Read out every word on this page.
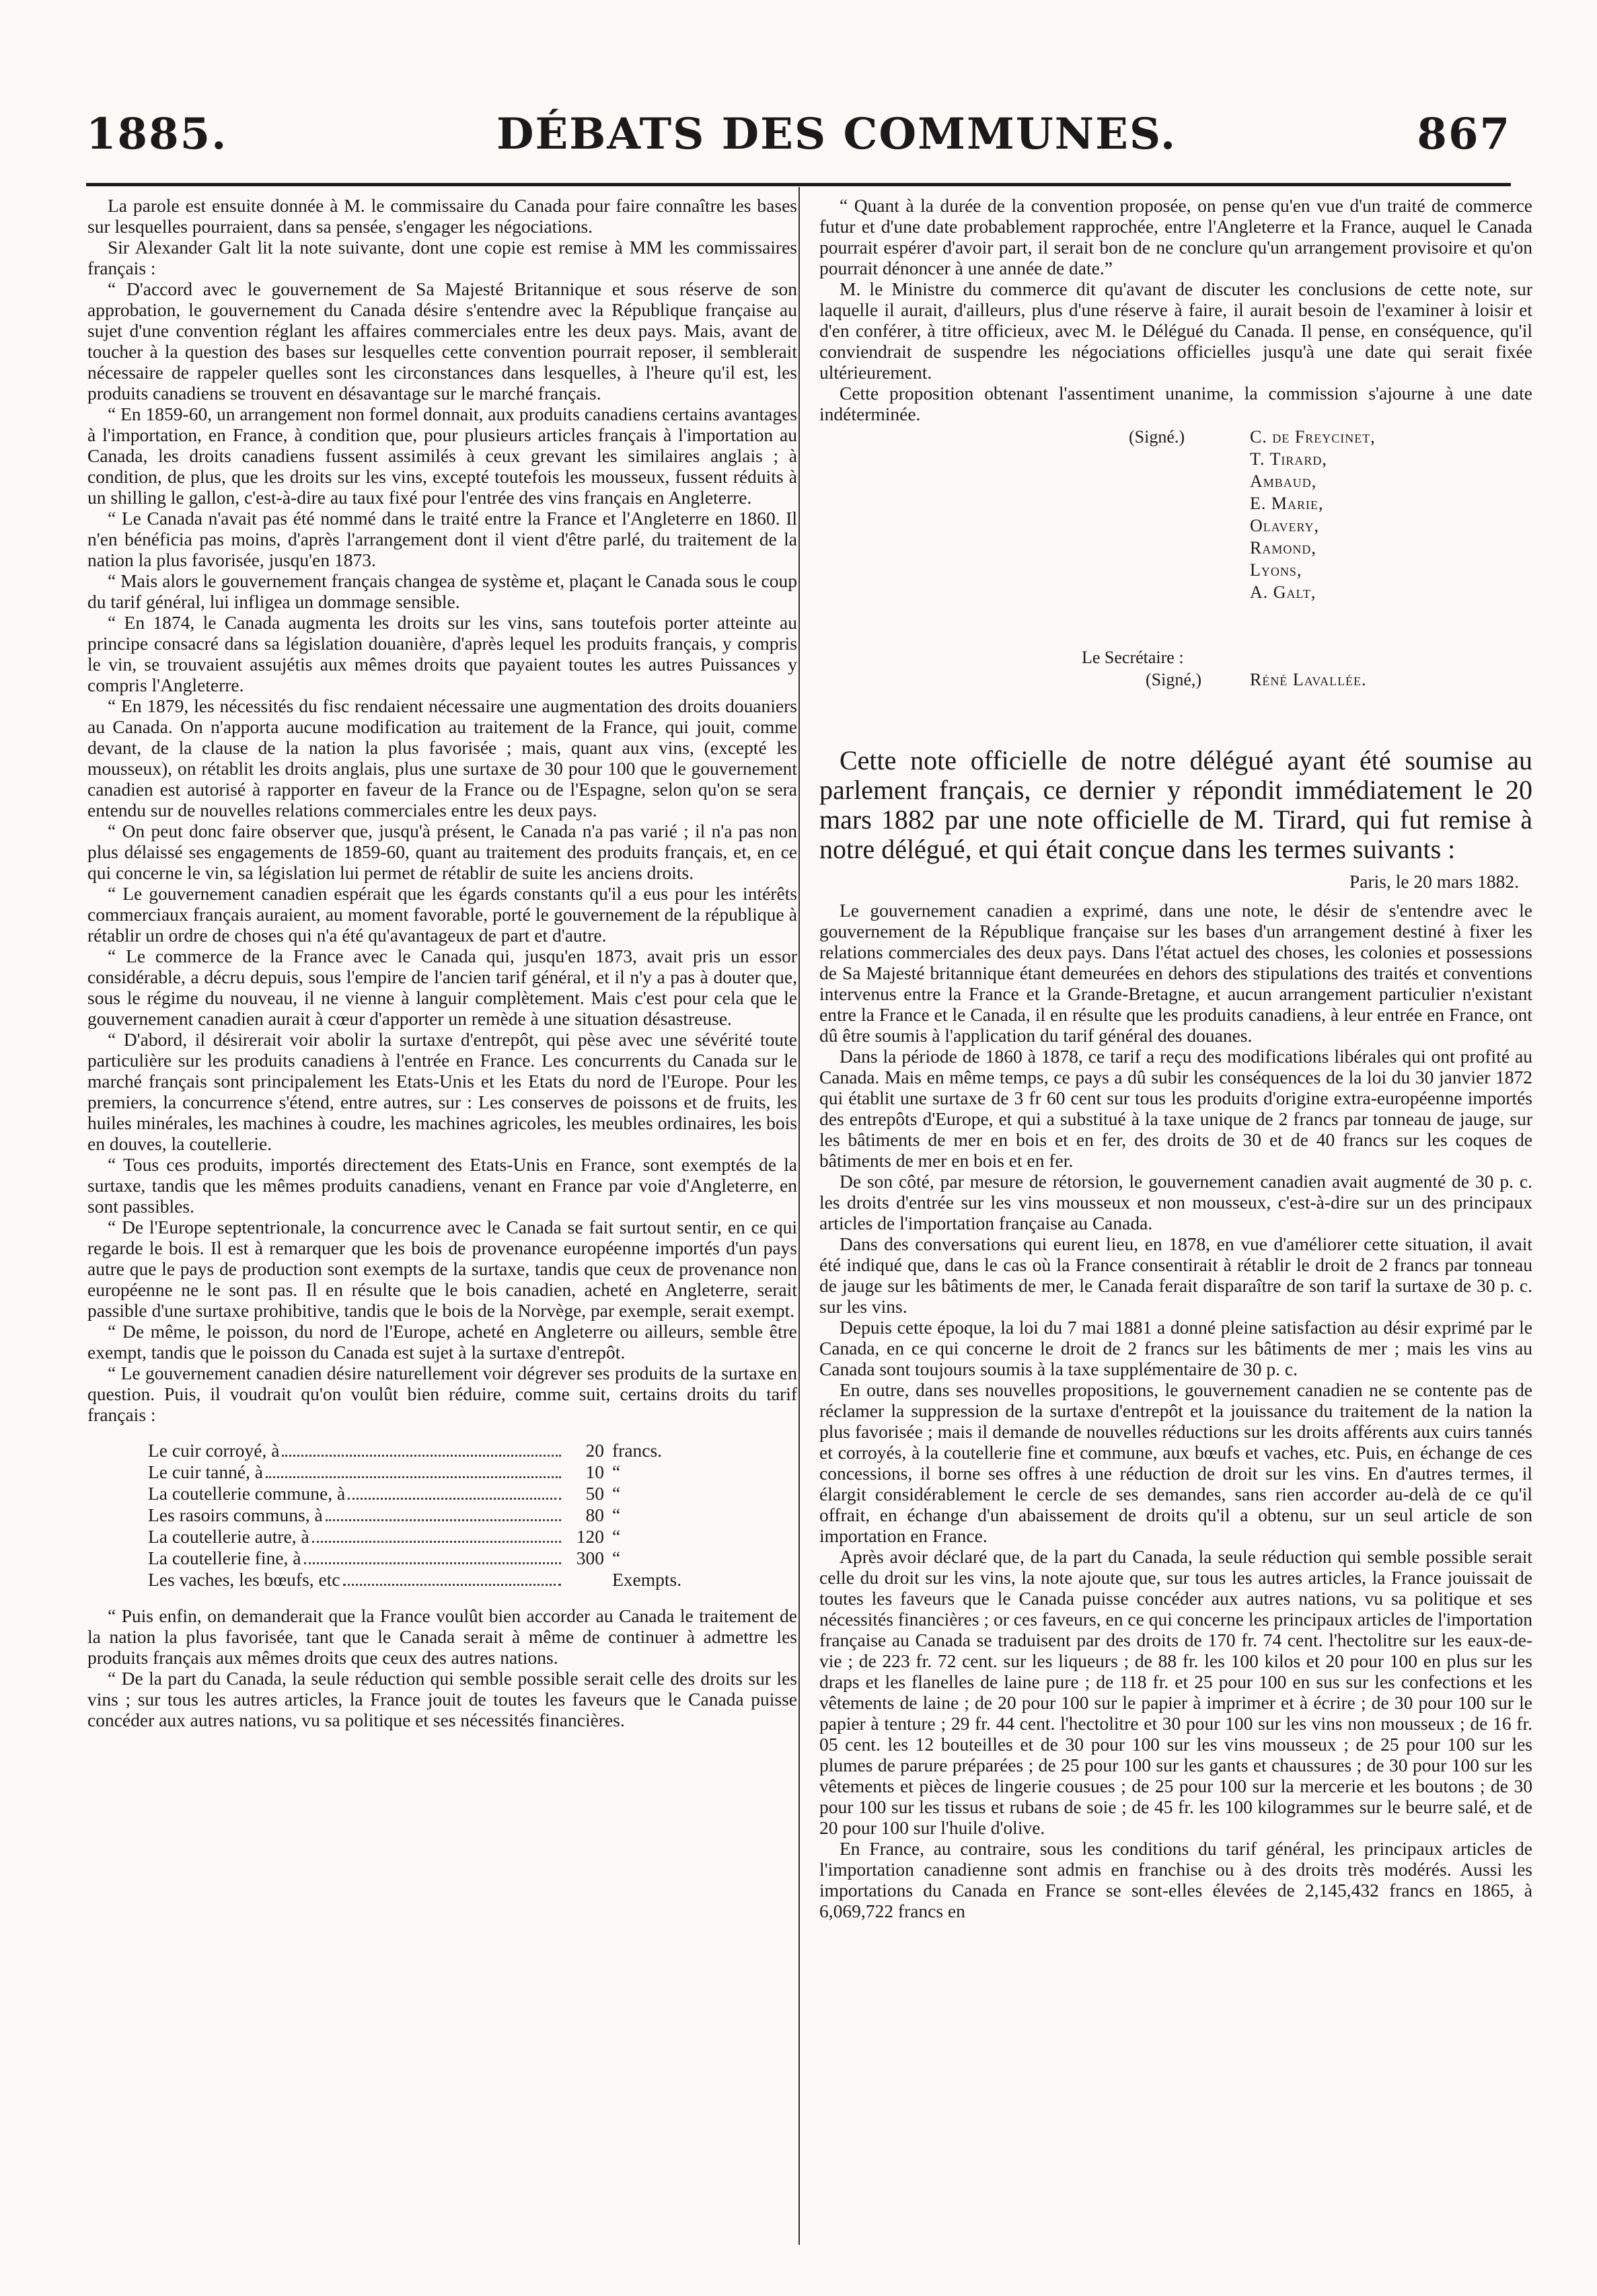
1885.	DÉBATS DES COMMUNES.	867

La parole est ensuite donnée à M. le commissaire du Canada pour faire connaître les bases sur lesquelles pourraient, dans sa pensée, s'engager les négociations.

Sir Alexander Galt lit la note suivante, dont une copie est remise à MM les commissaires français :

“ D'accord avec le gouvernement de Sa Majesté Britannique et sous réserve de son approbation, le gouvernement du Canada désire s'entendre avec la République française au sujet d'une convention réglant les affaires commerciales entre les deux pays. Mais, avant de toucher à la question des bases sur lesquelles cette convention pourrait reposer, il semblerait nécessaire de rappeler quelles sont les circonstances dans lesquelles, à l'heure qu'il est, les produits canadiens se trouvent en désavantage sur le marché français.

“ En 1859-60, un arrangement non formel donnait, aux produits canadiens certains avantages à l'importation, en France, à condition que, pour plusieurs articles français à l'importation au Canada, les droits canadiens fussent assimilés à ceux grevant les similaires anglais ; à condition, de plus, que les droits sur les vins, excepté toutefois les mousseux, fussent réduits à un shilling le gallon, c'est-à-dire au taux fixé pour l'entrée des vins français en Angleterre.

“ Le Canada n'avait pas été nommé dans le traité entre la France et l'Angleterre en 1860. Il n'en bénéficia pas moins, d'après l'arrangement dont il vient d'être parlé, du traitement de la nation la plus favorisée, jusqu'en 1873.

“ Mais alors le gouvernement français changea de système et, plaçant le Canada sous le coup du tarif général, lui infligea un dommage sensible.

“ En 1874, le Canada augmenta les droits sur les vins, sans toutefois porter atteinte au principe consacré dans sa législation douanière, d'après lequel les produits français, y compris le vin, se trouvaient assujétis aux mêmes droits que payaient toutes les autres Puissances y compris l'Angleterre.

“ En 1879, les nécessités du fisc rendaient nécessaire une augmentation des droits douaniers au Canada. On n'apporta aucune modification au traitement de la France, qui jouit, comme devant, de la clause de la nation la plus favorisée ; mais, quant aux vins, (excepté les mousseux), on rétablit les droits anglais, plus une surtaxe de 30 pour 100 que le gouvernement canadien est autorisé à rapporter en faveur de la France ou de l'Espagne, selon qu'on se sera entendu sur de nouvelles relations commerciales entre les deux pays.

“ On peut donc faire observer que, jusqu'à présent, le Canada n'a pas varié ; il n'a pas non plus délaissé ses engagements de 1859-60, quant au traitement des produits français, et, en ce qui concerne le vin, sa législation lui permet de rétablir de suite les anciens droits.

“ Le gouvernement canadien espérait que les égards constants qu'il a eus pour les intérêts commerciaux français auraient, au moment favorable, porté le gouvernement de la république à rétablir un ordre de choses qui n'a été qu'avantageux de part et d'autre.

“ Le commerce de la France avec le Canada qui, jusqu'en 1873, avait pris un essor considérable, a décru depuis, sous l'empire de l'ancien tarif général, et il n'y a pas à douter que, sous le régime du nouveau, il ne vienne à languir complètement. Mais c'est pour cela que le gouvernement canadien aurait à cœur d'apporter un remède à une situation désastreuse.

“ D'abord, il désirerait voir abolir la surtaxe d'entrepôt, qui pèse avec une sévérité toute particulière sur les produits canadiens à l'entrée en France. Les concurrents du Canada sur le marché français sont principalement les Etats-Unis et les Etats du nord de l'Europe. Pour les premiers, la concurrence s'étend, entre autres, sur : Les conserves de poissons et de fruits, les huiles minérales, les machines à coudre, les machines agricoles, les meubles ordinaires, les bois en douves, la coutellerie.

“ Tous ces produits, importés directement des Etats-Unis en France, sont exemptés de la surtaxe, tandis que les mêmes produits canadiens, venant en France par voie d'Angleterre, en sont passibles.

“ De l'Europe septentrionale, la concurrence avec le Canada se fait surtout sentir, en ce qui regarde le bois. Il est à remarquer que les bois de provenance européenne importés d'un pays autre que le pays de production sont exempts de la surtaxe, tandis que ceux de provenance non européenne ne le sont pas. Il en résulte que le bois canadien, acheté en Angleterre, serait passible d'une surtaxe prohibitive, tandis que le bois de la Norvège, par exemple, serait exempt.

“ De même, le poisson, du nord de l'Europe, acheté en Angleterre ou ailleurs, semble être exempt, tandis que le poisson du Canada est sujet à la surtaxe d'entrepôt.

“ Le gouvernement canadien désire naturellement voir dégrever ses produits de la surtaxe en question. Puis, il voudrait qu'on voulût bien réduire, comme suit, certains droits du tarif français :

Le cuir corroyé, à	20 francs.
Le cuir tanné, à	10 “
La coutellerie commune, à	50 “
Les rasoirs communs, à	80 “
La coutellerie autre, à	120 “
La coutellerie fine, à	300 “
Les vaches, les bœufs, etc	Exempts.

“ Puis enfin, on demanderait que la France voulût bien accorder au Canada le traitement de la nation la plus favorisée, tant que le Canada serait à même de continuer à admettre les produits français aux mêmes droits que ceux des autres nations.

“ De la part du Canada, la seule réduction qui semble possible serait celle des droits sur les vins ; sur tous les autres articles, la France jouit de toutes les faveurs que le Canada puisse concéder aux autres nations, vu sa politique et ses nécessités financières.

“ Quant à la durée de la convention proposée, on pense qu'en vue d'un traité de commerce futur et d'une date probablement rapprochée, entre l'Angleterre et la France, auquel le Canada pourrait espérer d'avoir part, il serait bon de ne conclure qu'un arrangement provisoire et qu'on pourrait dénoncer à une année de date.”

M. le Ministre du commerce dit qu'avant de discuter les conclusions de cette note, sur laquelle il aurait, d'ailleurs, plus d'une réserve à faire, il aurait besoin de l'examiner à loisir et d'en conférer, à titre officieux, avec M. le Délégué du Canada. Il pense, en conséquence, qu'il conviendrait de suspendre les négociations officielles jusqu'à une date qui serait fixée ultérieurement.

Cette proposition obtenant l'assentiment unanime, la commission s'ajourne à une date indéterminée.

(Signé.)	C. de Freycinet,
T. Tirard,
Ambaud,
E. Marie,
Olavery,
Ramond,
Lyons,
A. Galt,
Le Secrétaire :
(Signé,)	Réné Lavallée.

Cette note officielle de notre délégué ayant été soumise au parlement français, ce dernier y répondit immédiatement le 20 mars 1882 par une note officielle de M. Tirard, qui fut remise à notre délégué, et qui était conçue dans les termes suivants :

Paris, le 20 mars 1882.

Le gouvernement canadien a exprimé, dans une note, le désir de s'entendre avec le gouvernement de la République française sur les bases d'un arrangement destiné à fixer les relations commerciales des deux pays. Dans l'état actuel des choses, les colonies et possessions de Sa Majesté britannique étant demeurées en dehors des stipulations des traités et conventions intervenus entre la France et la Grande-Bretagne, et aucun arrangement particulier n'existant entre la France et le Canada, il en résulte que les produits canadiens, à leur entrée en France, ont dû être soumis à l'application du tarif général des douanes.

Dans la période de 1860 à 1878, ce tarif a reçu des modifications libérales qui ont profité au Canada. Mais en même temps, ce pays a dû subir les conséquences de la loi du 30 janvier 1872 qui établit une surtaxe de 3 fr 60 cent sur tous les produits d'origine extra-européenne importés des entrepôts d'Europe, et qui a substitué à la taxe unique de 2 francs par tonneau de jauge, sur les bâtiments de mer en bois et en fer, des droits de 30 et de 40 francs sur les coques de bâtiments de mer en bois et en fer.

De son côté, par mesure de rétorsion, le gouvernement canadien avait augmenté de 30 p. c. les droits d'entrée sur les vins mousseux et non mousseux, c'est-à-dire sur un des principaux articles de l'importation française au Canada.

Dans des conversations qui eurent lieu, en 1878, en vue d'améliorer cette situation, il avait été indiqué que, dans le cas où la France consentirait à rétablir le droit de 2 francs par tonneau de jauge sur les bâtiments de mer, le Canada ferait disparaître de son tarif la surtaxe de 30 p. c. sur les vins.

Depuis cette époque, la loi du 7 mai 1881 a donné pleine satisfaction au désir exprimé par le Canada, en ce qui concerne le droit de 2 francs sur les bâtiments de mer ; mais les vins au Canada sont toujours soumis à la taxe supplémentaire de 30 p. c.

En outre, dans ses nouvelles propositions, le gouvernement canadien ne se contente pas de réclamer la suppression de la surtaxe d'entrepôt et la jouissance du traitement de la nation la plus favorisée ; mais il demande de nouvelles réductions sur les droits afférents aux cuirs tannés et corroyés, à la coutellerie fine et commune, aux bœufs et vaches, etc. Puis, en échange de ces concessions, il borne ses offres à une réduction de droit sur les vins. En d'autres termes, il élargit considérablement le cercle de ses demandes, sans rien accorder au-delà de ce qu'il offrait, en échange d'un abaissement de droits qu'il a obtenu, sur un seul article de son importation en France.

Après avoir déclaré que, de la part du Canada, la seule réduction qui semble possible serait celle du droit sur les vins, la note ajoute que, sur tous les autres articles, la France jouissait de toutes les faveurs que le Canada puisse concéder aux autres nations, vu sa politique et ses nécessités financières ; or ces faveurs, en ce qui concerne les principaux articles de l'importation française au Canada se traduisent par des droits de 170 fr. 74 cent. l'hectolitre sur les eaux-de-vie ; de 223 fr. 72 cent. sur les liqueurs ; de 88 fr. les 100 kilos et 20 pour 100 en plus sur les draps et les flanelles de laine pure ; de 118 fr. et 25 pour 100 en sus sur les confections et les vêtements de laine ; de 20 pour 100 sur le papier à imprimer et à écrire ; de 30 pour 100 sur le papier à tenture ; 29 fr. 44 cent. l'hectolitre et 30 pour 100 sur les vins non mousseux ; de 16 fr. 05 cent. les 12 bouteilles et de 30 pour 100 sur les vins mousseux ; de 25 pour 100 sur les plumes de parure préparées ; de 25 pour 100 sur les gants et chaussures ; de 30 pour 100 sur les vêtements et pièces de lingerie cousues ; de 25 pour 100 sur la mercerie et les boutons ; de 30 pour 100 sur les tissus et rubans de soie ; de 45 fr. les 100 kilogrammes sur le beurre salé, et de 20 pour 100 sur l'huile d'olive.

En France, au contraire, sous les conditions du tarif général, les principaux articles de l'importation canadienne sont admis en franchise ou à des droits très modérés. Aussi les importations du Canada en France se sont-elles élevées de 2,145,432 francs en 1865, à 6,069,722 francs en
